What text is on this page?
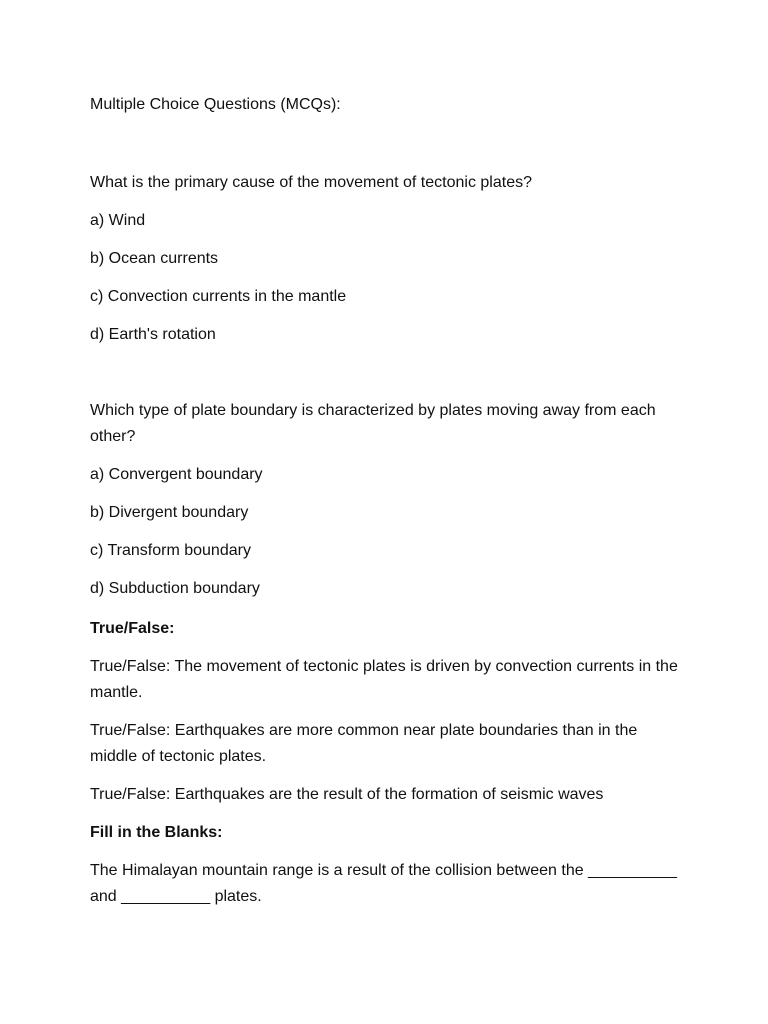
Multiple Choice Questions (MCQs):
What is the primary cause of the movement of tectonic plates?
a) Wind
b) Ocean currents
c) Convection currents in the mantle
d) Earth's rotation
Which type of plate boundary is characterized by plates moving away from each other?
a) Convergent boundary
b) Divergent boundary
c) Transform boundary
d) Subduction boundary
True/False:
True/False: The movement of tectonic plates is driven by convection currents in the mantle.
True/False: Earthquakes are more common near plate boundaries than in the middle of tectonic plates.
True/False: Earthquakes are the result of the formation of seismic waves
Fill in the Blanks:
The Himalayan mountain range is a result of the collision between the __________ and __________ plates.
